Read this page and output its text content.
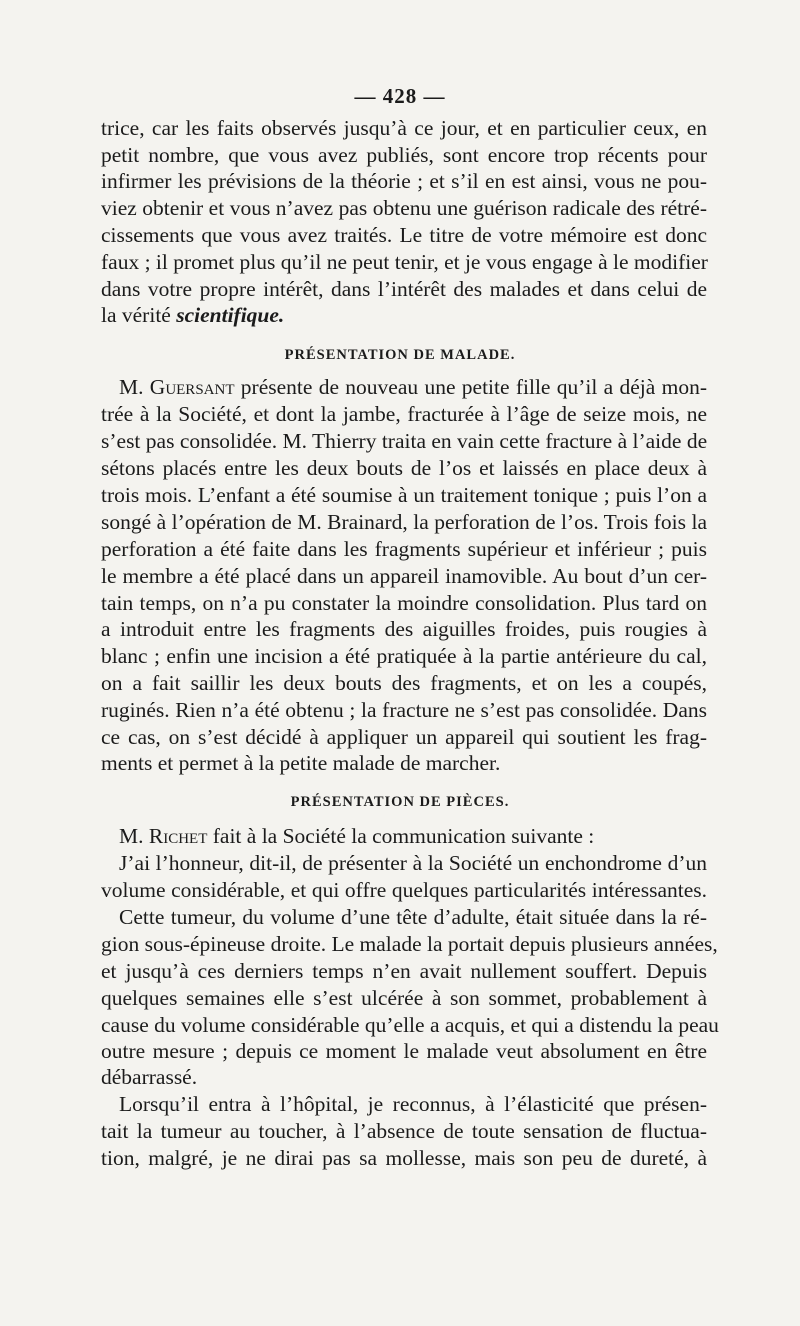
— 428 —
trice, car les faits observés jusqu’à ce jour, et en particulier ceux, en
petit nombre, que vous avez publiés, sont encore trop récents pour
infirmer les prévisions de la théorie ; et s’il en est ainsi, vous ne pou-
viez obtenir et vous n’avez pas obtenu une guérison radicale des rétré-
cissements que vous avez traités. Le titre de votre mémoire est donc
faux ; il promet plus qu’il ne peut tenir, et je vous engage à le modifier
dans votre propre intérêt, dans l’intérêt des malades et dans celui de
la vérité scientifique.
PRÉSENTATION DE MALADE.
M. Guersant présente de nouveau une petite fille qu’il a déjà mon-
trée à la Société, et dont la jambe, fracturée à l’âge de seize mois, ne
s’est pas consolidée. M. Thierry traita en vain cette fracture à l’aide de
sétons placés entre les deux bouts de l’os et laissés en place deux à
trois mois. L’enfant a été soumise à un traitement tonique ; puis l’on a
songé à l’opération de M. Brainard, la perforation de l’os. Trois fois la
perforation a été faite dans les fragments supérieur et inférieur ; puis
le membre a été placé dans un appareil inamovible. Au bout d’un cer-
tain temps, on n’a pu constater la moindre consolidation. Plus tard on
a introduit entre les fragments des aiguilles froides, puis rougies à
blanc ; enfin une incision a été pratiquée à la partie antérieure du cal,
on a fait saillir les deux bouts des fragments, et on les a coupés,
ruginés. Rien n’a été obtenu ; la fracture ne s’est pas consolidée. Dans
ce cas, on s’est décidé à appliquer un appareil qui soutient les frag-
ments et permet à la petite malade de marcher.
PRÉSENTATION DE PIÈCES.
M. Richet fait à la Société la communication suivante :
J’ai l’honneur, dit-il, de présenter à la Société un enchondrome d’un
volume considérable, et qui offre quelques particularités intéressantes.
Cette tumeur, du volume d’une tête d’adulte, était située dans la ré-
gion sous-épineuse droite. Le malade la portait depuis plusieurs années,
et jusqu’à ces derniers temps n’en avait nullement souffert. Depuis
quelques semaines elle s’est ulcérée à son sommet, probablement à
cause du volume considérable qu’elle a acquis, et qui a distendu la peau
outre mesure ; depuis ce moment le malade veut absolument en être
débarrassé.
Lorsqu’il entra à l’hôpital, je reconnus, à l’élasticité que présen-
tait la tumeur au toucher, à l’absence de toute sensation de fluctua-
tion, malgré, je ne dirai pas sa mollesse, mais son peu de dureté, à
